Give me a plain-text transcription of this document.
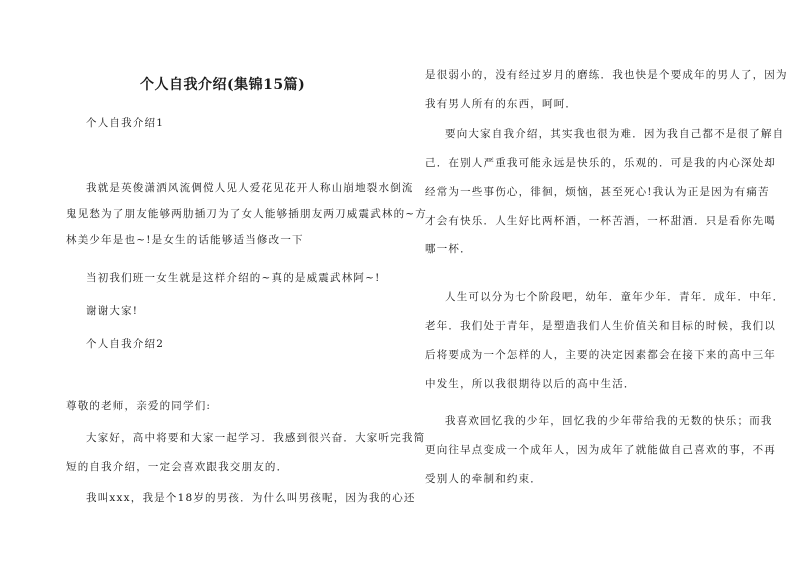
个人自我介绍(集锦15篇)
个人自我介绍1
我就是英俊潇洒风流倜傥人见人爱花见花开人称山崩地裂水倒流
鬼见愁为了朋友能够两肋插刀为了女人能够插朋友两刀威震武林的~方
林美少年是也~!是女生的话能够适当修改一下
当初我们班一女生就是这样介绍的~真的是威震武林阿~!
谢谢大家!
个人自我介绍2
尊敬的老师，亲爱的同学们:
大家好，高中将要和大家一起学习．我感到很兴奋．大家听完我简
短的自我介绍，一定会喜欢跟我交朋友的．
我叫xxx，我是个18岁的男孩．为什么叫男孩呢，因为我的心还
是很弱小的，没有经过岁月的磨练．我也快是个要成年的男人了，因为
我有男人所有的东西，呵呵．
要向大家自我介绍，其实我也很为难．因为我自己都不是很了解自
己．在别人严重我可能永远是快乐的，乐观的．可是我的内心深处却
经常为一些事伤心，徘徊，烦恼，甚至死心!我认为正是因为有痛苦
才会有快乐．人生好比两杯酒，一杯苦酒，一杯甜酒．只是看你先喝
哪一杯．
人生可以分为七个阶段吧，幼年．童年少年．青年．成年．中年．
老年．我们处于青年，是塑造我们人生价值关和目标的时候，我们以
后将要成为一个怎样的人，主要的决定因素都会在接下来的高中三年
中发生，所以我很期待以后的高中生活．
我喜欢回忆我的少年，回忆我的少年带给我的无数的快乐；而我
更向往早点变成一个成年人，因为成年了就能做自己喜欢的事，不再
受别人的牵制和约束．
